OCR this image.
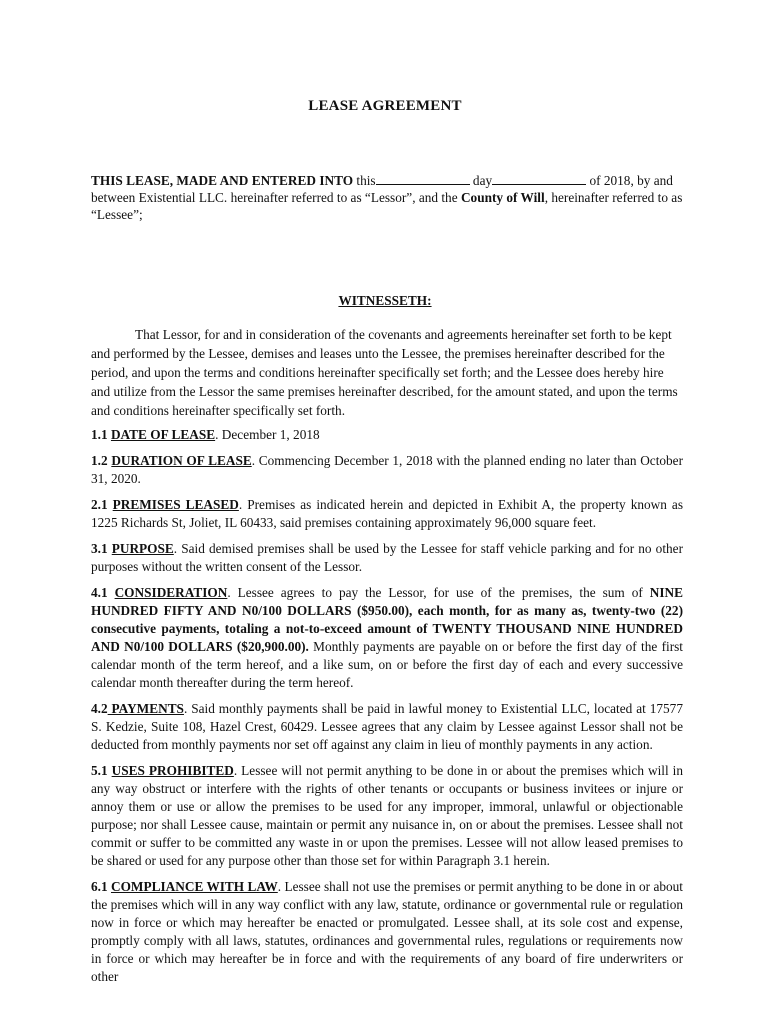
LEASE AGREEMENT
THIS LEASE, MADE AND ENTERED INTO this	day	of 2018, by and between Existential LLC. hereinafter referred to as “Lessor”, and the County of Will, hereinafter referred to as “Lessee”;
WITNESSETH:

That Lessor, for and in consideration of the covenants and agreements hereinafter set forth to be kept and performed by the Lessee, demises and leases unto the Lessee, the premises hereinafter described for the period, and upon the terms and conditions hereinafter specifically set forth; and the Lessee does hereby hire and utilize from the Lessor the same premises hereinafter described, for the amount stated, and upon the terms and conditions hereinafter specifically set forth.

1.1 DATE OF LEASE. December 1, 2018

1.2 DURATION OF LEASE. Commencing December 1, 2018 with the planned ending no later than October 31, 2020.

2.1 PREMISES LEASED. Premises as indicated herein and depicted in Exhibit A, the property known as 1225 Richards St, Joliet, IL 60433, said premises containing approximately 96,000 square feet.

3.1 PURPOSE. Said demised premises shall be used by the Lessee for staff vehicle parking and for no other purposes without the written consent of the Lessor.

4.1 CONSIDERATION. Lessee agrees to pay the Lessor, for use of the premises, the sum of NINE HUNDRED FIFTY AND N0/100 DOLLARS ($950.00), each month, for as many as, twenty-two (22) consecutive payments, totaling a not-to-exceed amount of TWENTY THOUSAND NINE HUNDRED AND N0/100 DOLLARS ($20,900.00). Monthly payments are payable on or before the first day of the first calendar month of the term hereof, and a like sum, on or before the first day of each and every successive calendar month thereafter during the term hereof.

4.2 PAYMENTS. Said monthly payments shall be paid in lawful money to Existential LLC, located at 17577 S. Kedzie, Suite 108, Hazel Crest, 60429. Lessee agrees that any claim by Lessee against Lessor shall not be deducted from monthly payments nor set off against any claim in lieu of monthly payments in any action.

5.1 USES PROHIBITED. Lessee will not permit anything to be done in or about the premises which will in any way obstruct or interfere with the rights of other tenants or occupants or business invitees or injure or annoy them or use or allow the premises to be used for any improper, immoral, unlawful or objectionable purpose; nor shall Lessee cause, maintain or permit any nuisance in, on or about the premises. Lessee shall not commit or suffer to be committed any waste in or upon the premises. Lessee will not allow leased premises to be shared or used for any purpose other than those set for within Paragraph 3.1 herein.

6.1 COMPLIANCE WITH LAW. Lessee shall not use the premises or permit anything to be done in or about the premises which will in any way conflict with any law, statute, ordinance or governmental rule or regulation now in force or which may hereafter be enacted or promulgated. Lessee shall, at its sole cost and expense, promptly comply with all laws, statutes, ordinances and governmental rules, regulations or requirements now in force or which may hereafter be in force and with the requirements of any board of fire underwriters or other
